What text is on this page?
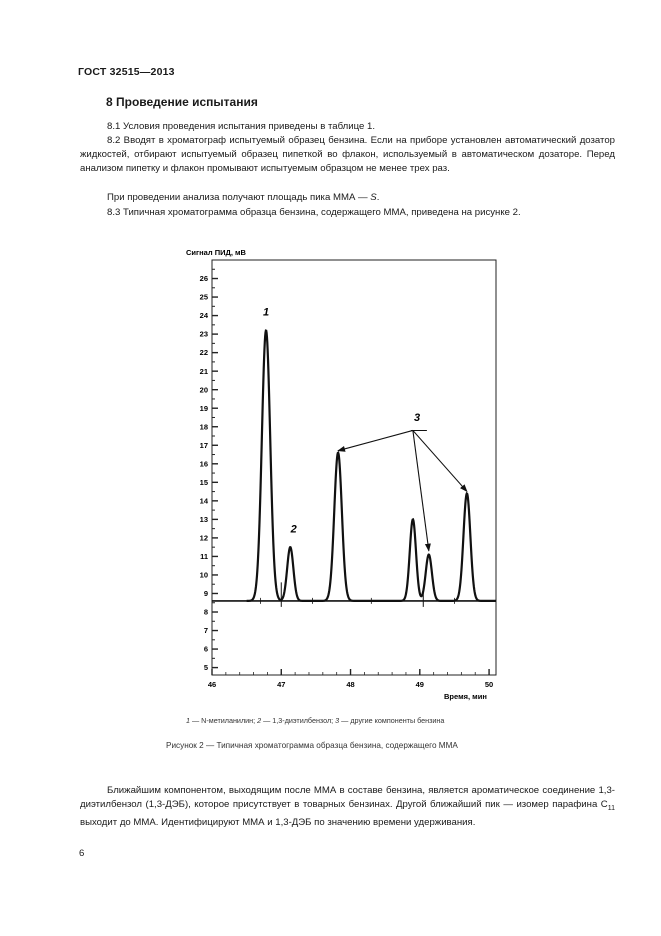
ГОСТ 32515—2013
8 Проведение испытания
8.1 Условия проведения испытания приведены в таблице 1.
8.2 Вводят в хроматограф испытуемый образец бензина. Если на приборе установлен автоматический дозатор жидкостей, отбирают испытуемый образец пипеткой во флакон, используемый в автоматическом дозаторе. Перед анализом пипетку и флакон промывают испытуемым образцом не менее трех раз.
При проведении анализа получают площадь пика ММА — S.
8.3 Типичная хроматограмма образца бензина, содержащего ММА, приведена на рисунке 2.
Сигнал ПИД, мВ
Время, мин
5
6
7
8
9
10
11
12
13
14
15
16
17
18
19
20
21
22
23
24
25
26
46	47	48	49	50
1
2
3
1 — N-метиланилин; 2 — 1,3-диэтилбензол; 3 — другие компоненты бензина
Рисунок 2 — Типичная хроматограмма образца бензина, содержащего ММА
Ближайшим компонентом, выходящим после ММА в составе бензина, является ароматическое соединение 1,3-диэтилбензол (1,3-ДЭБ), которое присутствует в товарных бензинах. Другой ближайший пик — изомер парафина $С_{11}$ выходит до ММА. Идентифицируют ММА и 1,3-ДЭБ по значению времени удерживания.
6
